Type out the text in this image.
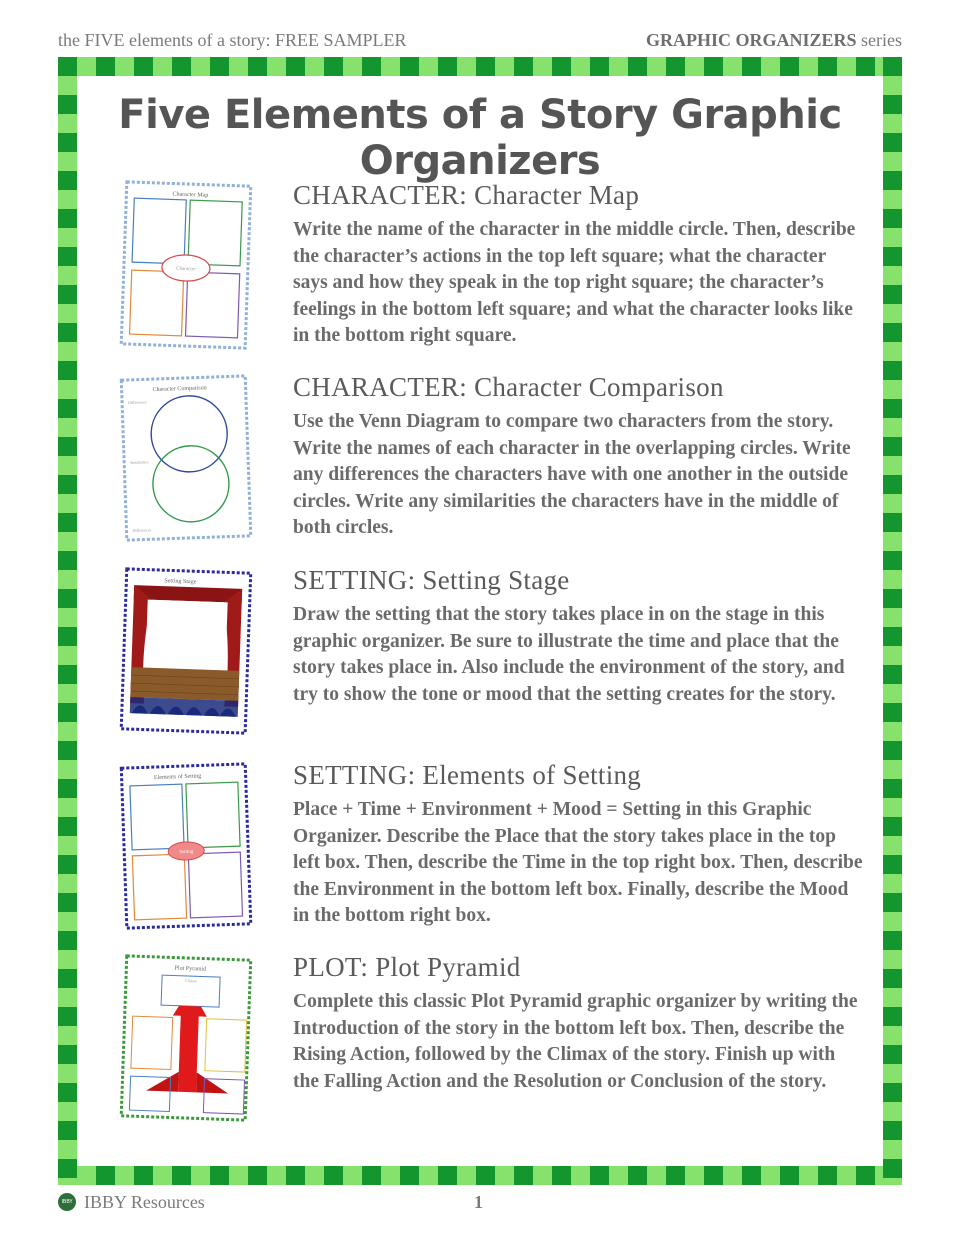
the FIVE elements of a story: FREE SAMPLER	GRAPHIC ORGANIZERS series
Five Elements of a Story Graphic Organizers
Character Map
Character
CHARACTER: Character Map

Write the name of the character in the middle circle. Then, describe the character’s actions in the top left square; what the character says and how they speak in the top right square; the character’s feelings in the bottom left square; and what the character looks like in the bottom right square.

Character Comparison
Differences
Similarities
Differences
CHARACTER: Character Comparison

Use the Venn Diagram to compare two characters from the story. Write the names of each character in the overlapping circles. Write any differences the characters have with one another in the outside circles. Write any similarities the characters have in the middle of both circles.

Setting Stage	SETTING: Setting Stage

Draw the setting that the story takes place in on the stage in this graphic organizer. Be sure to illustrate the time and place that the story takes place in. Also include the environment of the story, and try to show the tone or mood that the setting creates for the story.

Elements of Setting
Setting
SETTING: Elements of Setting

Place + Time + Environment + Mood = Setting in this Graphic Organizer. Describe the Place that the story takes place in the top left box. Then, describe the Time in the top right box. Then, describe the Environment in the bottom left box. Finally, describe the Mood in the bottom right box.

Plot Pyramid
Climax	PLOT: Plot Pyramid

Complete this classic Plot Pyramid graphic organizer by writing the Introduction of the story in the bottom left box. Then, describe the Rising Action, followed by the Climax of the story. Finish up with the Falling Action and the Resolution or Conclusion of the story.

IBBY IBBY Resources	1
